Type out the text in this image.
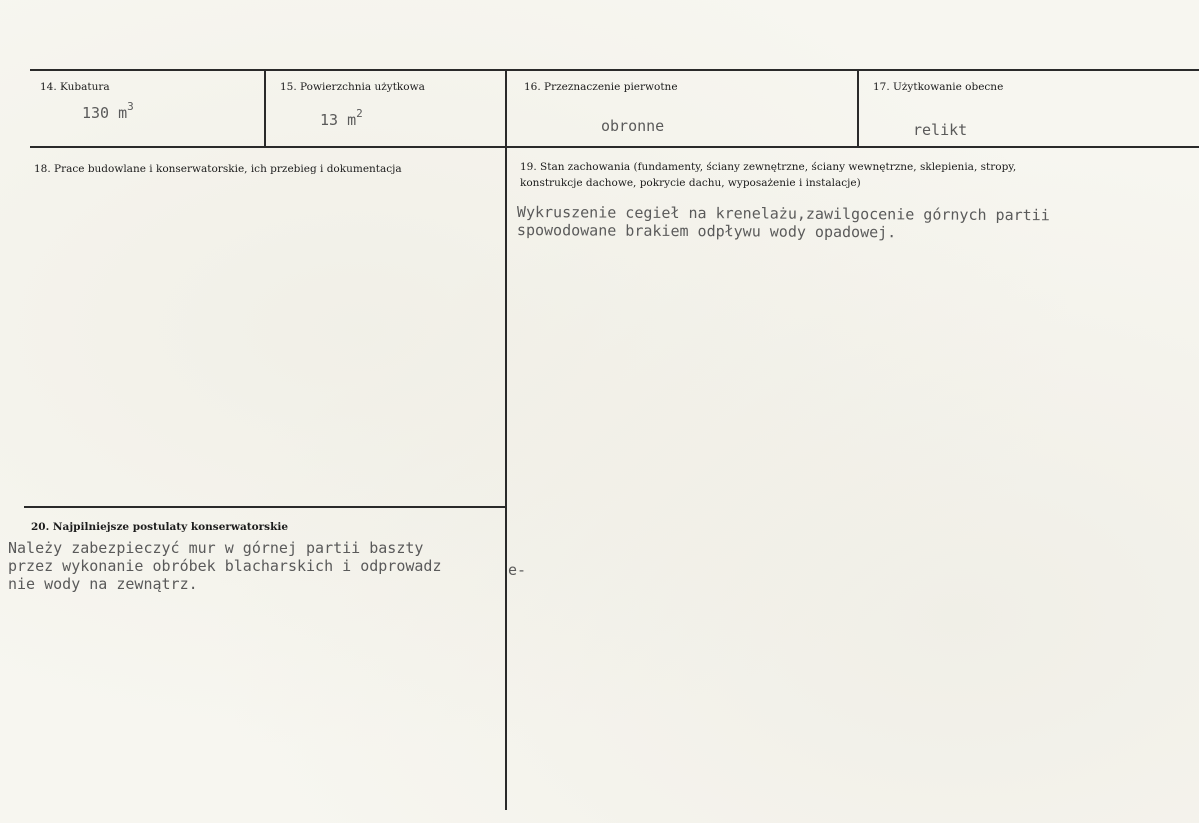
14. Kubatura
130 $m^3$
15. Powierzchnia użytkowa
13 $m^2$
16. Przeznaczenie pierwotne
obronne
17. Użytkowanie obecne
relikt
18. Prace budowlane i konserwatorskie, ich przebieg i dokumentacja	19. Stan zachowania (fundamenty, ściany zewnętrzne, ściany wewnętrzne, sklepienia, stropy,
konstrukcje dachowe, pokrycie dachu, wyposażenie i instalacje)
Wykruszenie cegieł na krenelażu,zawilgocenie górnych partii
spowodowane brakiem odpływu wody opadowej.
20. Najpilniejsze postulaty konserwatorskie
Należy zabezpieczyć mur w górnej partii baszty
przez wykonanie obróbek blacharskich i odprowadz	e-
nie wody na zewnątrz.
